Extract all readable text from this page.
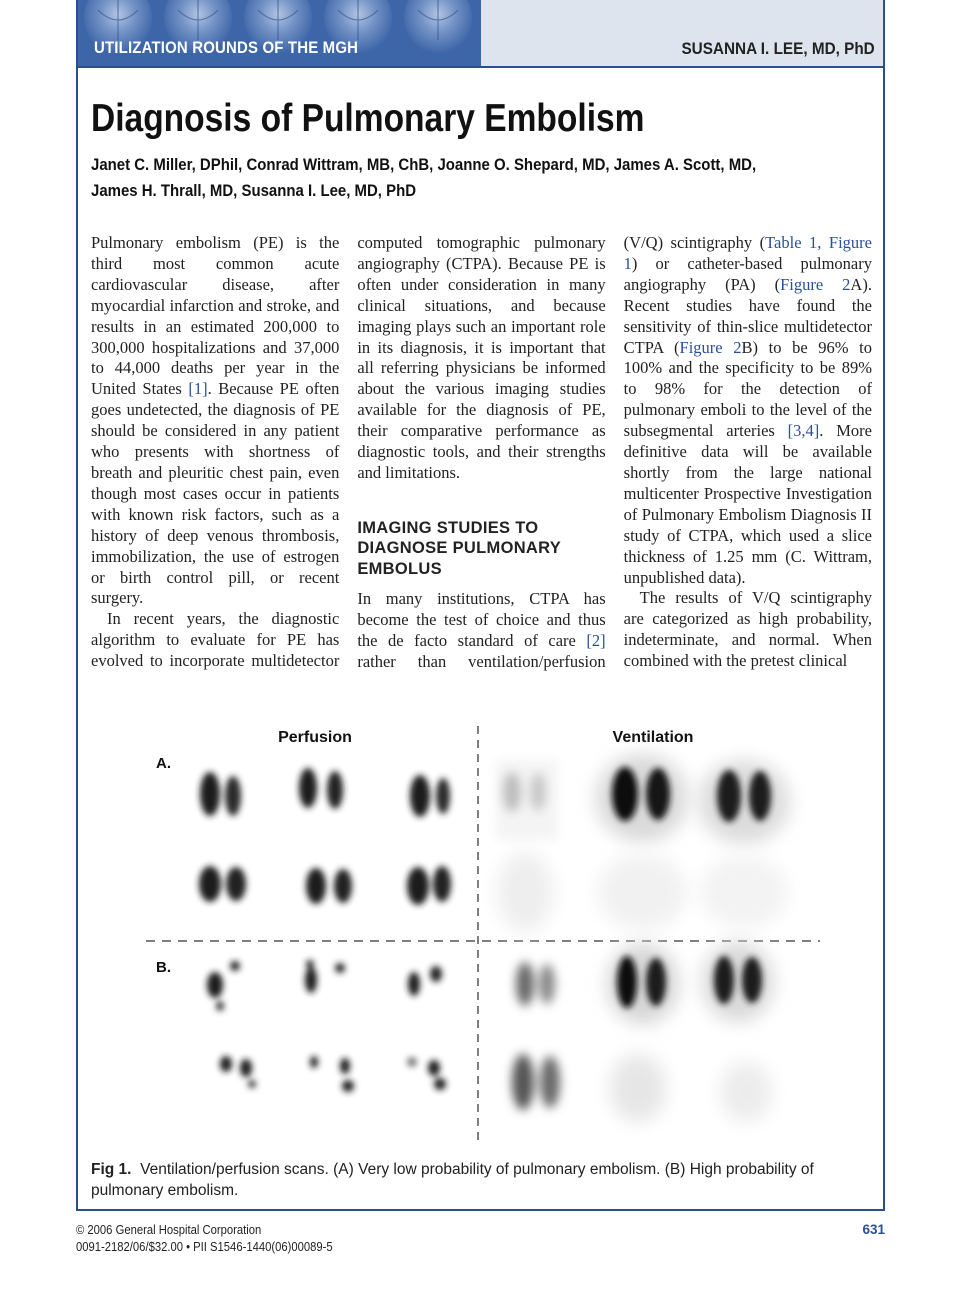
UTILIZATION ROUNDS OF THE MGH	SUSANNA I. LEE, MD, PhD
Diagnosis of Pulmonary Embolism
Janet C. Miller, DPhil, Conrad Wittram, MB, ChB, Joanne O. Shepard, MD, James A. Scott, MD,
James H. Thrall, MD, Susanna I. Lee, MD, PhD
Perfusion	Ventilation
A.
B.
Fig 1. Ventilation/perfusion scans. (A) Very low probability of pulmonary embolism. (B) High probability of pulmonary embolism.
© 2006 General Hospital Corporation
0091-2182/06/$32.00 • PII S1546-1440(06)00089-5
631

Pulmonary embolism (PE) is the third most common acute cardiovascular disease, after myocardial infarction and stroke, and results in an estimated 200,000 to 300,000 hospitalizations and 37,000 to 44,000 deaths per year in the United States [1]. Because PE often goes undetected, the diagnosis of PE should be considered in any patient who presents with shortness of breath and pleuritic chest pain, even though most cases occur in patients with known risk factors, such as a history of deep venous thrombosis, immobilization, the use of estrogen or birth control pill, or recent surgery.

In recent years, the diagnostic algorithm to evaluate for PE has evolved to incorporate multidetector computed tomographic pulmonary angiography (CTPA). Because PE is often under consideration in many clinical situations, and because imaging plays such an important role in its diagnosis, it is important that all referring physicians be informed about the various imaging studies available for the diagnosis of PE, their comparative performance as diagnostic tools, and their strengths and limitations.

IMAGING STUDIES TO DIAGNOSE PULMONARY EMBOLUS

In many institutions, CTPA has become the test of choice and thus the de facto standard of care [2] rather than ventilation/perfusion (V/Q) scintigraphy (Table 1, Figure 1) or catheter-based pulmonary angiography (PA) (Figure 2A). Recent studies have found the sensitivity of thin-slice multidetector CTPA (Figure 2B) to be 96% to 100% and the specificity to be 89% to 98% for the detection of pulmonary emboli to the level of the subsegmental arteries [3,4]. More definitive data will be available shortly from the large national multicenter Prospective Investigation of Pulmonary Embolism Diagnosis II study of CTPA, which used a slice thickness of 1.25 mm (C. Wittram, unpublished data).

The results of V/Q scintigraphy are categorized as high probability, indeterminate, and normal. When combined with the pretest clinical
